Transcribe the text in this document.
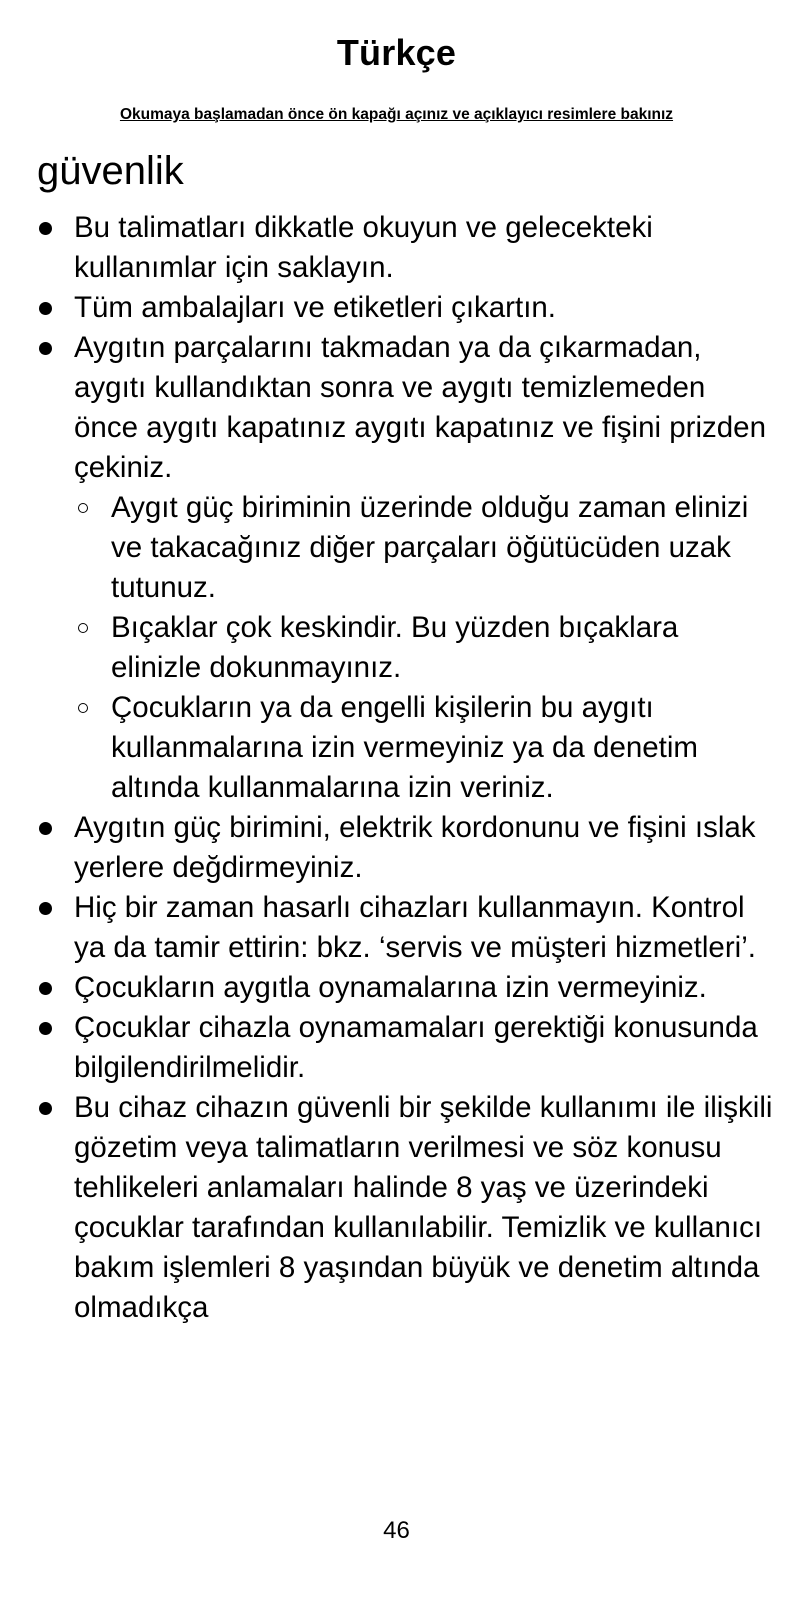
Türkçe
Okumaya başlamadan önce ön kapağı açınız ve açıklayıcı resimlere bakınız
güvenlik
Bu talimatları dikkatle okuyun ve gelecekteki kullanımlar için saklayın.
Tüm ambalajları ve etiketleri çıkartın.
Aygıtın parçalarını takmadan ya da çıkarmadan, aygıtı kullandıktan sonra ve aygıtı temizlemeden önce aygıtı kapatınız aygıtı kapatınız ve fişini prizden çekiniz.
Aygıt güç biriminin üzerinde olduğu zaman elinizi ve takacağınız diğer parçaları öğütücüden uzak tutunuz.
Bıçaklar çok keskindir. Bu yüzden bıçaklara elinizle dokunmayınız.
Çocukların ya da engelli kişilerin bu aygıtı kullanmalarına izin vermeyiniz ya da denetim altında kullanmalarına izin veriniz.
Aygıtın güç birimini, elektrik kordonunu ve fişini ıslak yerlere değdirmeyiniz.
Hiç bir zaman hasarlı cihazları kullanmayın. Kontrol ya da tamir ettirin: bkz. ‘servis ve müşteri hizmetleri’.
Çocukların aygıtla oynamalarına izin vermeyiniz.
Çocuklar cihazla oynamamaları gerektiği konusunda bilgilendirilmelidir.
Bu cihaz cihazın güvenli bir şekilde kullanımı ile ilişkili gözetim veya talimatların verilmesi ve söz konusu tehlikeleri anlamaları halinde 8 yaş ve üzerindeki çocuklar tarafından kullanılabilir. Temizlik ve kullanıcı bakım işlemleri 8 yaşından büyük ve denetim altında olmadıkça
46
